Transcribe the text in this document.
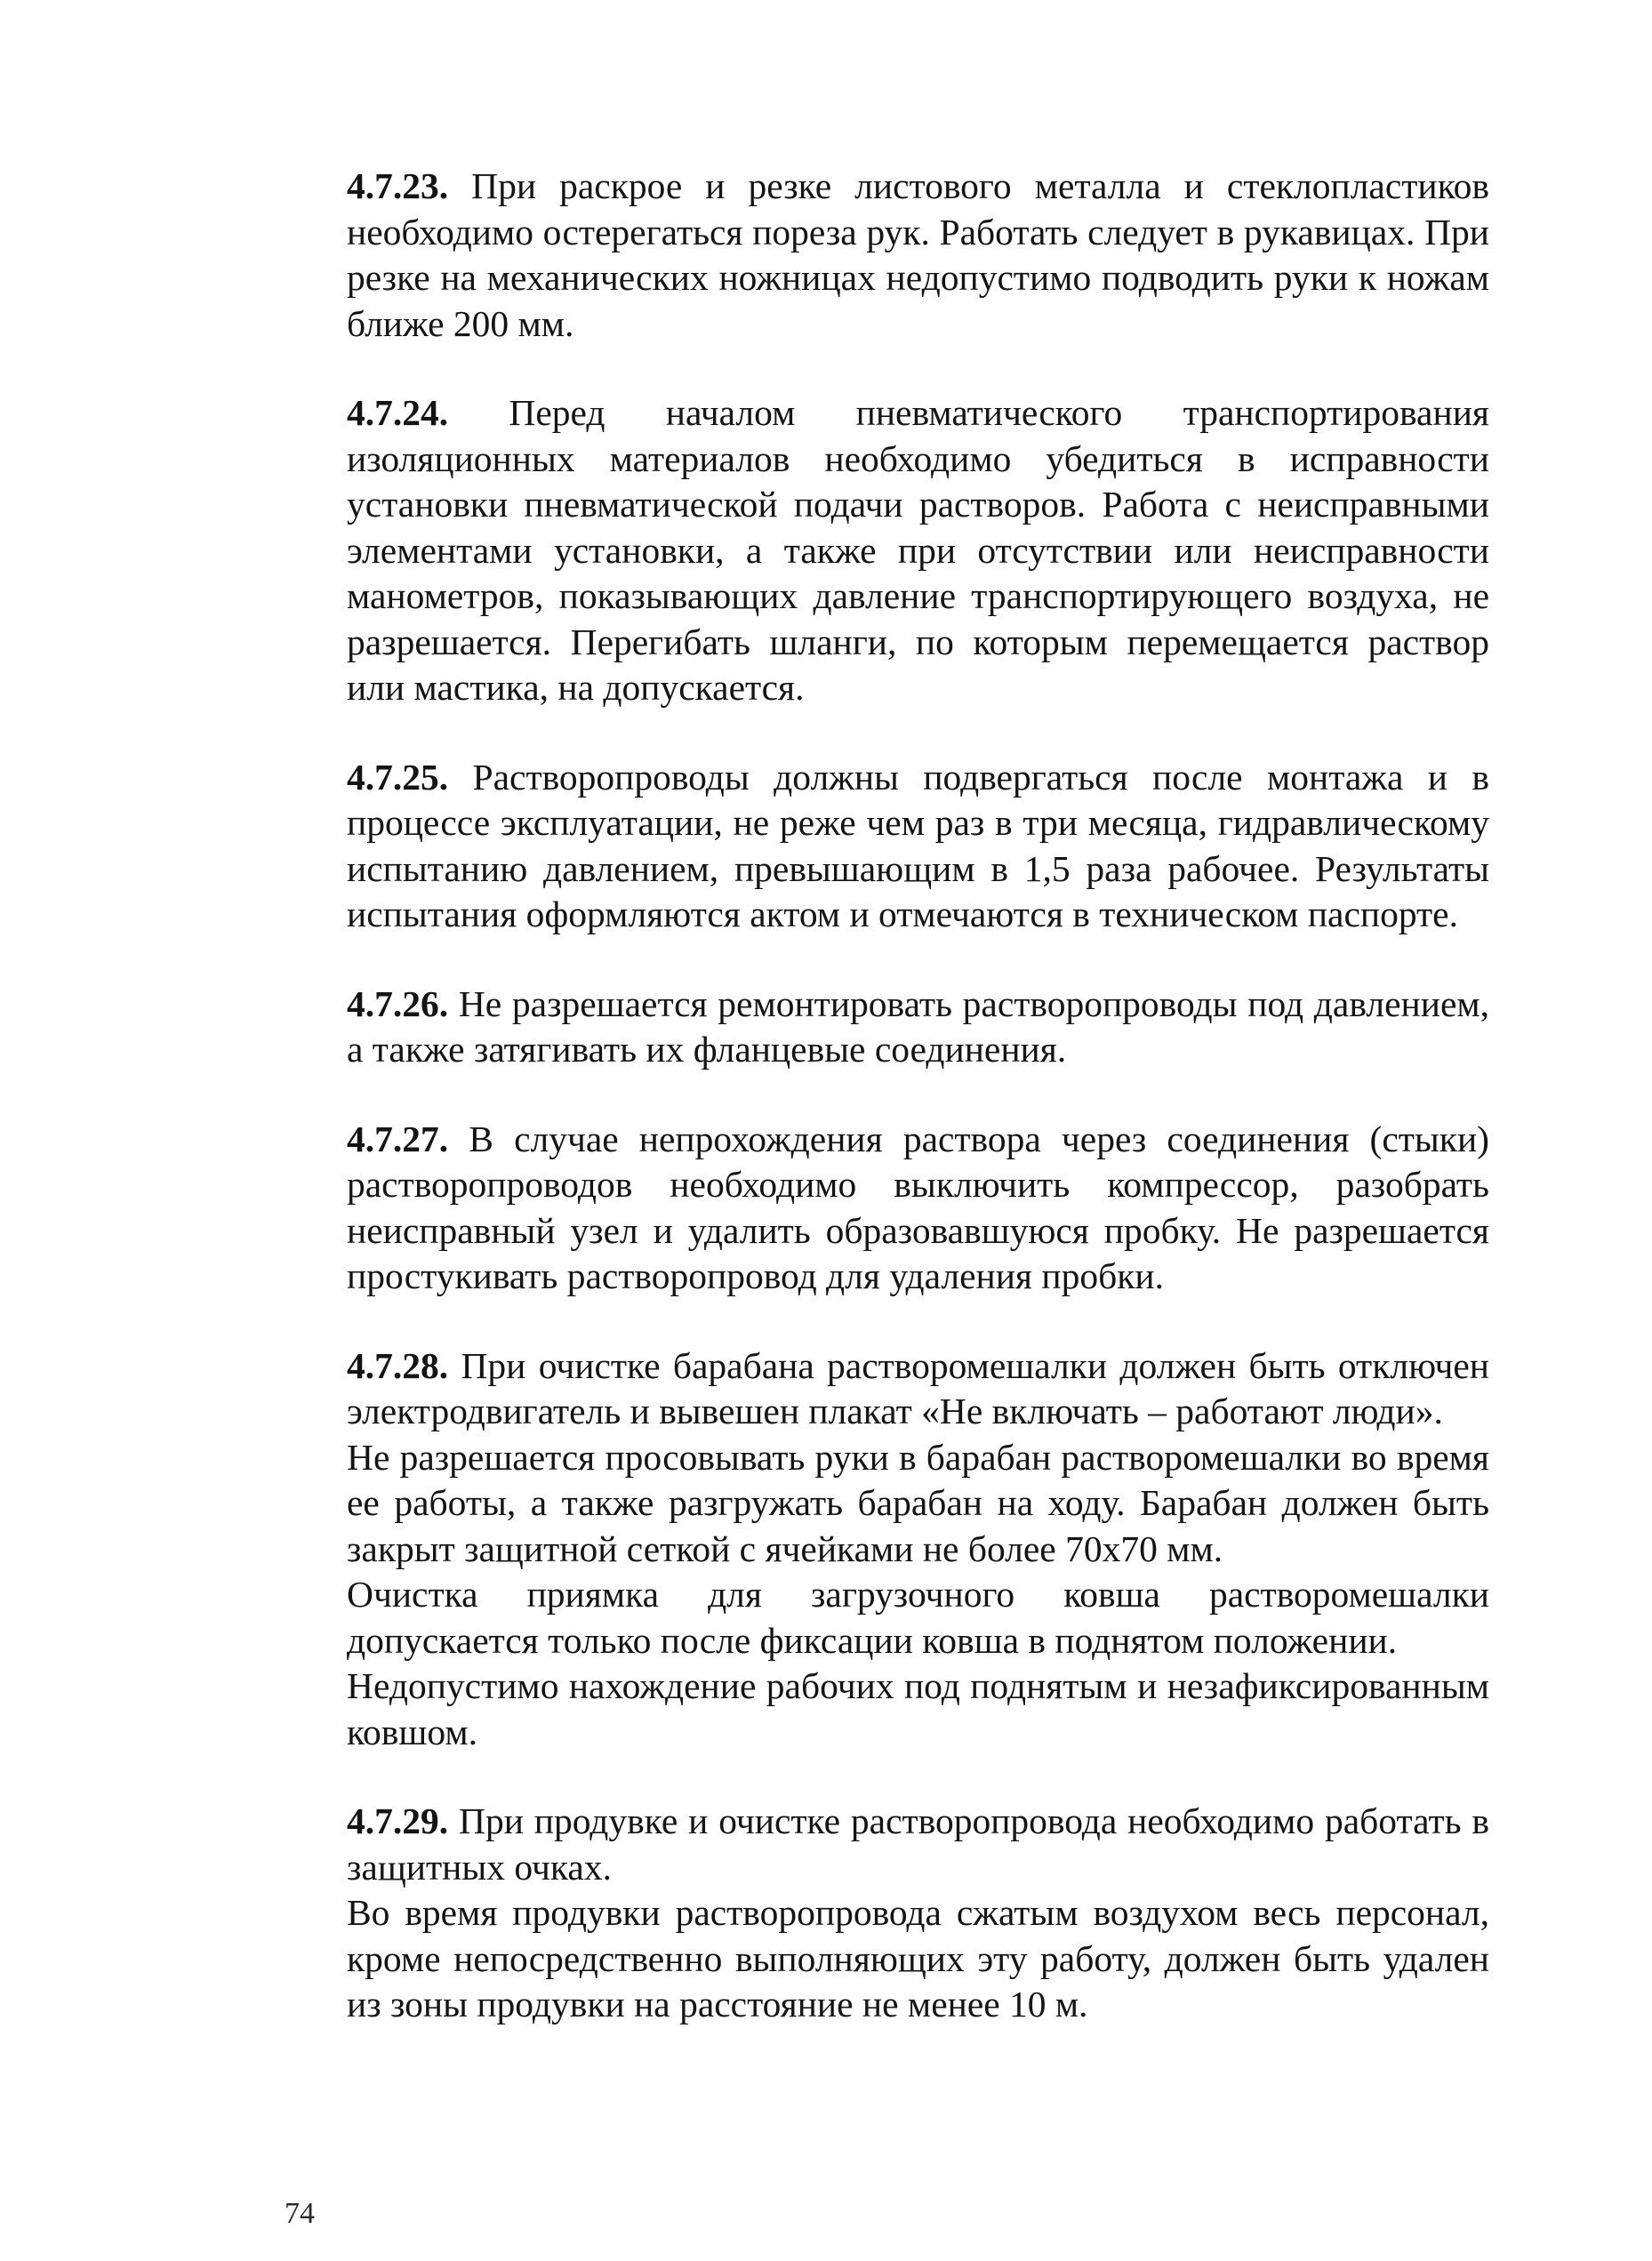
4.7.23. При раскрое и резке листового металла и стеклопластиков необходимо остерегаться пореза рук. Работать следует в рукавицах. При резке на механических ножницах недопустимо подводить руки к ножам ближе 200 мм.

4.7.24. Перед началом пневматического транспортирования изоляционных материалов необходимо убедиться в исправности установки пневматической подачи растворов. Работа с неисправными элементами установки, а также при отсутствии или неисправности манометров, показывающих давление транспортирующего воздуха, не разрешается. Перегибать шланги, по которым перемещается раствор или мастика, на допускается.

4.7.25. Растворопроводы должны подвергаться после монтажа и в процессе эксплуатации, не реже чем раз в три месяца, гидравлическому испытанию давлением, превышающим в 1,5 раза рабочее. Результаты испытания оформляются актом и отмечаются в техническом паспорте.

4.7.26. Не разрешается ремонтировать растворопроводы под давлением, а также затягивать их фланцевые соединения.

4.7.27. В случае непрохождения раствора через соединения (стыки) растворопроводов необходимо выключить компрессор, разобрать неисправный узел и удалить образовавшуюся пробку. Не разрешается простукивать растворопровод для удаления пробки.

4.7.28. При очистке барабана растворомешалки должен быть отключен электродвигатель и вывешен плакат «Не включать – работают люди».

Не разрешается просовывать руки в барабан растворомешалки во время ее работы, а также разгружать барабан на ходу. Барабан должен быть закрыт защитной сеткой с ячейками не более 70х70 мм.

Очистка приямка для загрузочного ковша растворомешалки допускается только после фиксации ковша в поднятом положении.

Недопустимо нахождение рабочих под поднятым и незафиксированным ковшом.

4.7.29. При продувке и очистке растворопровода необходимо работать в защитных очках.

Во время продувки растворопровода сжатым воздухом весь персонал, кроме непосредственно выполняющих эту работу, должен быть удален из зоны продувки на расстояние не менее 10 м.

74
